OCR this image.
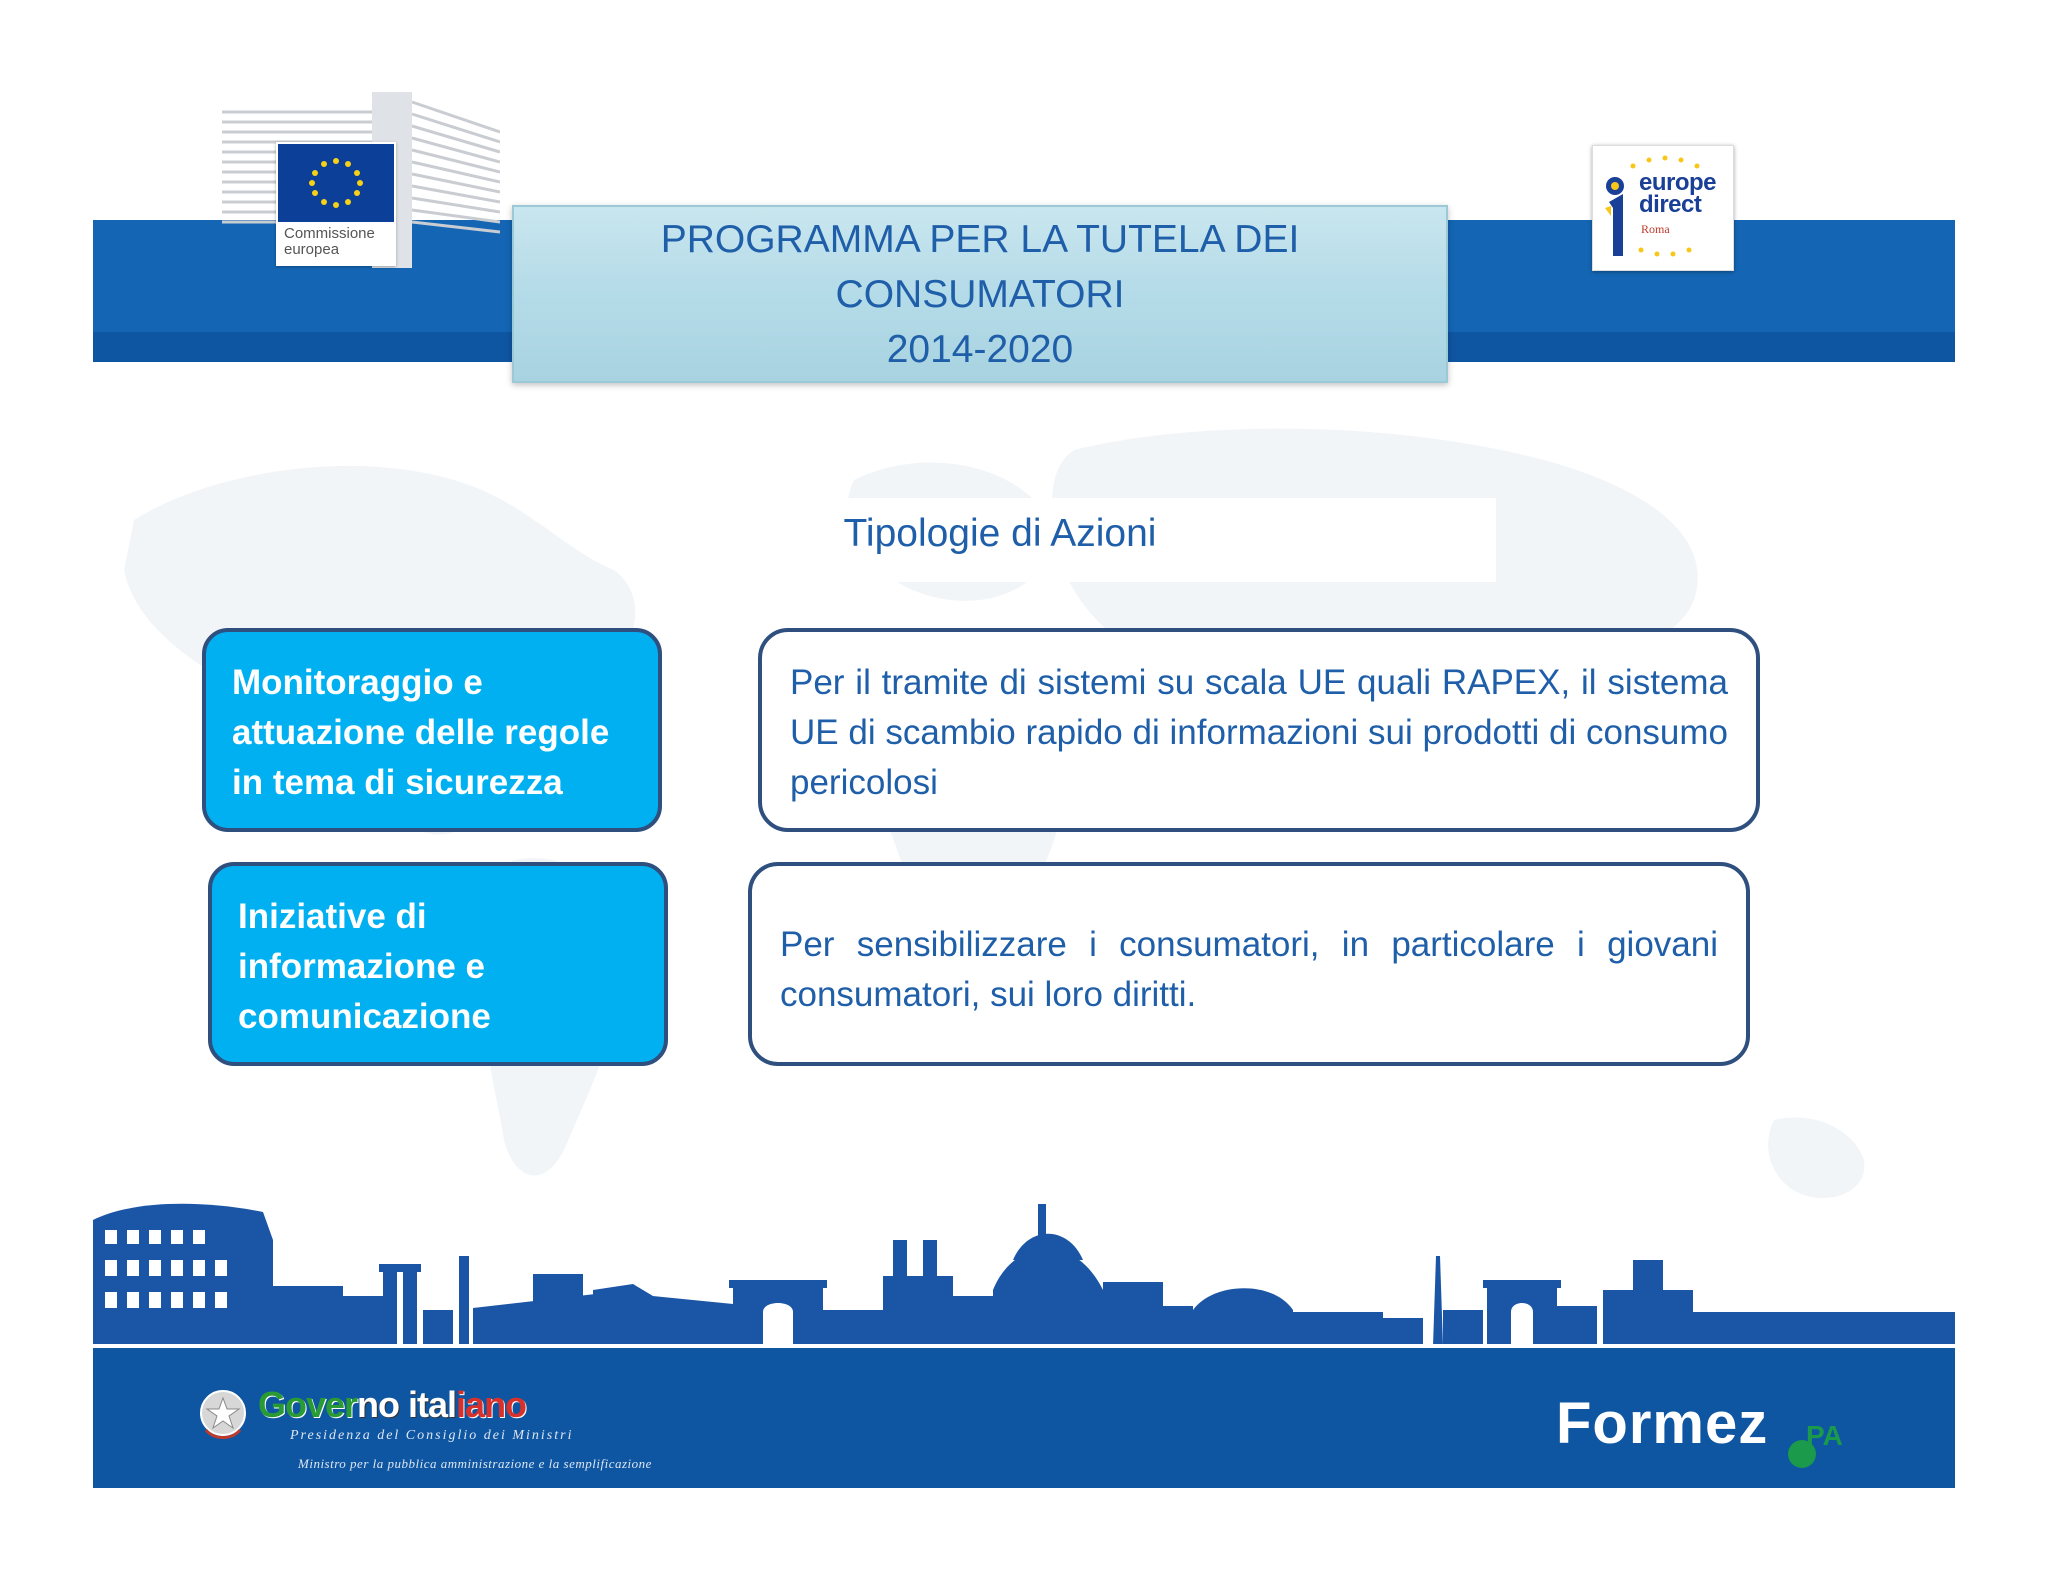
Commissione
europea
europe
direct
Roma
PROGRAMMA PER LA TUTELA DEI
CONSUMATORI
2014-2020
Tipologie di Azioni
Monitoraggio e
attuazione delle regole
in tema di sicurezza
Per il tramite di sistemi su scala UE quali RAPEX, il sistema UE di scambio rapido di informazioni sui prodotti di consumo pericolosi
Iniziative di
informazione e
comunicazione
Per sensibilizzare i consumatori, in particolare i giovani consumatori, sui loro diritti.
Governo italiano
Presidenza del Consiglio dei Ministri
Ministro per la pubblica amministrazione e la semplificazione
Formez PA
